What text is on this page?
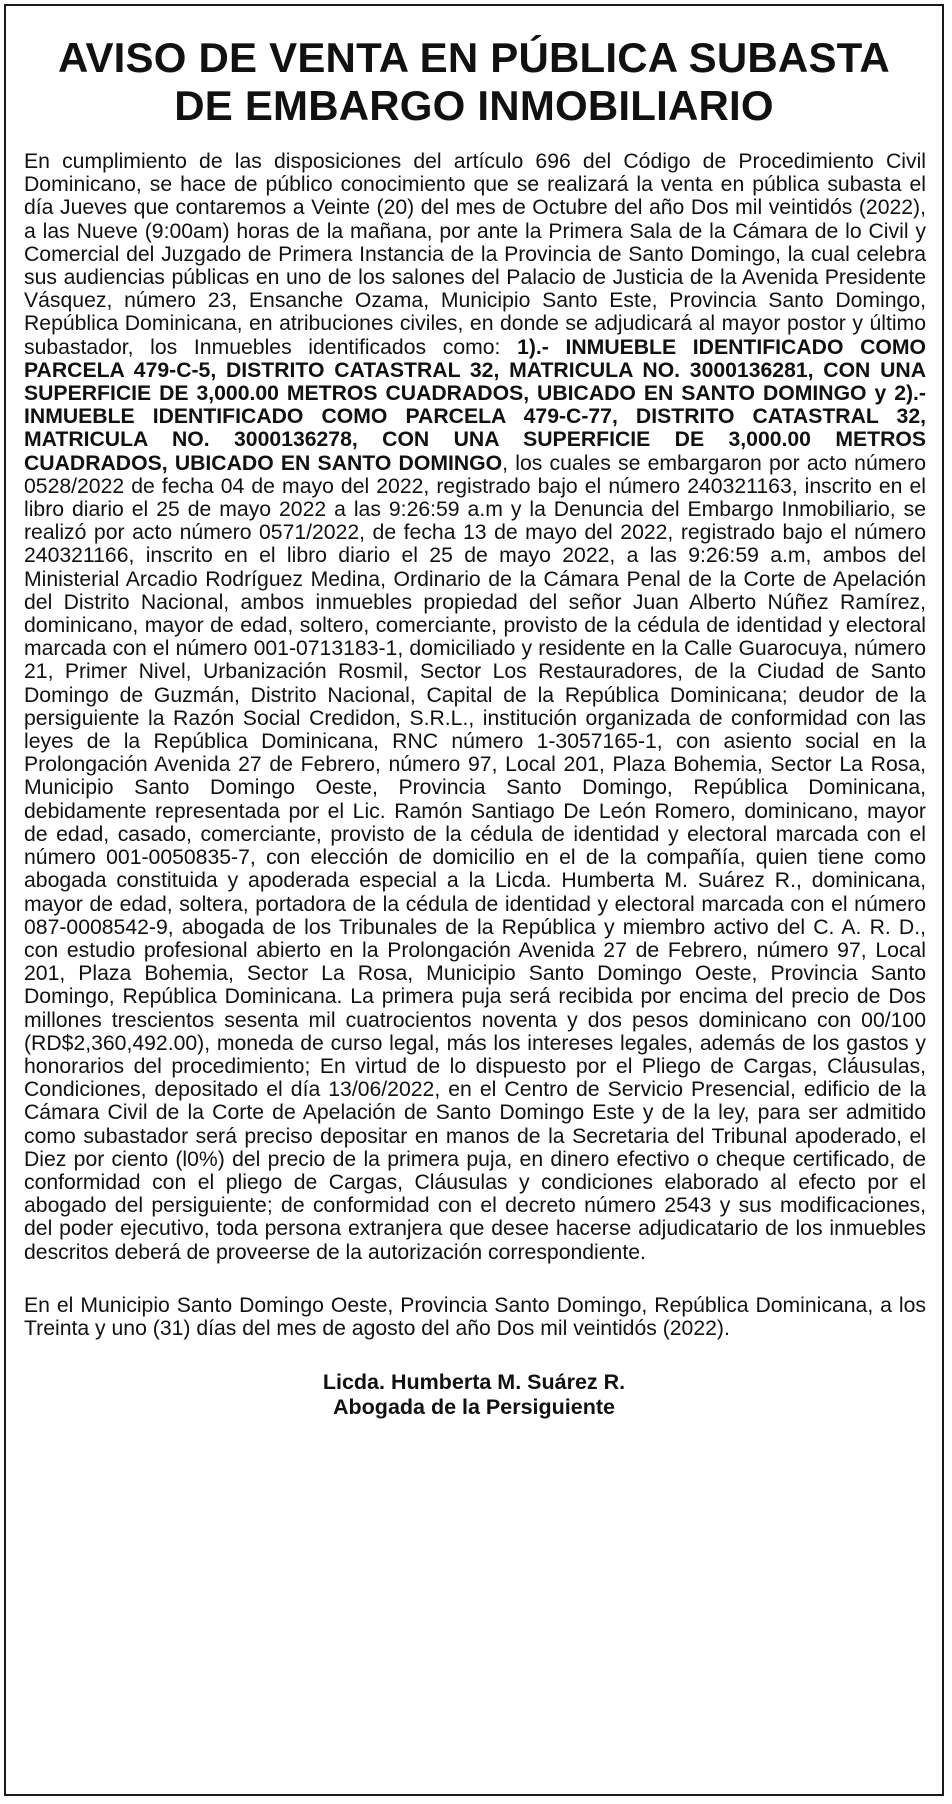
AVISO DE VENTA EN PÚBLICA SUBASTA
DE EMBARGO INMOBILIARIO

En cumplimiento de las disposiciones del artículo 696 del Código de Procedimiento Civil Dominicano, se hace de público conocimiento que se realizará la venta en pública subasta el día Jueves que contaremos a Veinte (20) del mes de Octubre del año Dos mil veintidós (2022), a las Nueve (9:00am) horas de la mañana, por ante la Primera Sala de la Cámara de lo Civil y Comercial del Juzgado de Primera Instancia de la Provincia de Santo Domingo, la cual celebra sus audiencias públicas en uno de los salones del Palacio de Justicia de la Avenida Presidente Vásquez, número 23, Ensanche Ozama, Municipio Santo Este, Provincia Santo Domingo, República Dominicana, en atribuciones civiles, en donde se adjudicará al mayor postor y último subastador, los Inmuebles identificados como: 1).- INMUEBLE IDENTIFICADO COMO PARCELA 479-C-5, DISTRITO CATASTRAL 32, MATRICULA NO. 3000136281, CON UNA SUPERFICIE DE 3,000.00 METROS CUADRADOS, UBICADO EN SANTO DOMINGO y 2).- INMUEBLE IDENTIFICADO COMO PARCELA 479-C-77, DISTRITO CATASTRAL 32, MATRICULA NO. 3000136278, CON UNA SUPERFICIE DE 3,000.00 METROS CUADRADOS, UBICADO EN SANTO DOMINGO, los cuales se embargaron por acto número 0528/2022 de fecha 04 de mayo del 2022, registrado bajo el número 240321163, inscrito en el libro diario el 25 de mayo 2022 a las 9:26:59 a.m y la Denuncia del Embargo Inmobiliario, se realizó por acto número 0571/2022, de fecha 13 de mayo del 2022, registrado bajo el número 240321166, inscrito en el libro diario el 25 de mayo 2022, a las 9:26:59 a.m, ambos del Ministerial Arcadio Rodríguez Medina, Ordinario de la Cámara Penal de la Corte de Apelación del Distrito Nacional, ambos inmuebles propiedad del señor Juan Alberto Núñez Ramírez, dominicano, mayor de edad, soltero, comerciante, provisto de la cédula de identidad y electoral marcada con el número 001-0713183-1, domiciliado y residente en la Calle Guarocuya, número 21, Primer Nivel, Urbanización Rosmil, Sector Los Restauradores, de la Ciudad de Santo Domingo de Guzmán, Distrito Nacional, Capital de la República Dominicana; deudor de la persiguiente la Razón Social Credidon, S.R.L., institución organizada de conformidad con las leyes de la República Dominicana, RNC número 1-3057165-1, con asiento social en la Prolongación Avenida 27 de Febrero, número 97, Local 201, Plaza Bohemia, Sector La Rosa, Municipio Santo Domingo Oeste, Provincia Santo Domingo, República Dominicana, debidamente representada por el Lic. Ramón Santiago De León Romero, dominicano, mayor de edad, casado, comerciante, provisto de la cédula de identidad y electoral marcada con el número 001-0050835-7, con elección de domicilio en el de la compañía, quien tiene como abogada constituida y apoderada especial a la Licda. Humberta M. Suárez R., dominicana, mayor de edad, soltera, portadora de la cédula de identidad y electoral marcada con el número 087-0008542-9, abogada de los Tribunales de la República y miembro activo del C. A. R. D., con estudio profesional abierto en la Prolongación Avenida 27 de Febrero, número 97, Local 201, Plaza Bohemia, Sector La Rosa, Municipio Santo Domingo Oeste, Provincia Santo Domingo, República Dominicana. La primera puja será recibida por encima del precio de Dos millones trescientos sesenta mil cuatrocientos noventa y dos pesos dominicano con 00/100 (RD$2,360,492.00), moneda de curso legal, más los intereses legales, además de los gastos y honorarios del procedimiento; En virtud de lo dispuesto por el Pliego de Cargas, Cláusulas, Condiciones, depositado el día 13/06/2022, en el Centro de Servicio Presencial, edificio de la Cámara Civil de la Corte de Apelación de Santo Domingo Este y de la ley, para ser admitido como subastador será preciso depositar en manos de la Secretaria del Tribunal apoderado, el Diez por ciento (l0%) del precio de la primera puja, en dinero efectivo o cheque certificado, de conformidad con el pliego de Cargas, Cláusulas y condiciones elaborado al efecto por el abogado del persiguiente; de conformidad con el decreto número 2543 y sus modificaciones, del poder ejecutivo, toda persona extranjera que desee hacerse adjudicatario de los inmuebles descritos deberá de proveerse de la autorización correspondiente.

En el Municipio Santo Domingo Oeste, Provincia Santo Domingo, República Dominicana, a los Treinta y uno (31) días del mes de agosto del año Dos mil veintidós (2022).

Licda. Humberta M. Suárez R.
Abogada de la Persiguiente
